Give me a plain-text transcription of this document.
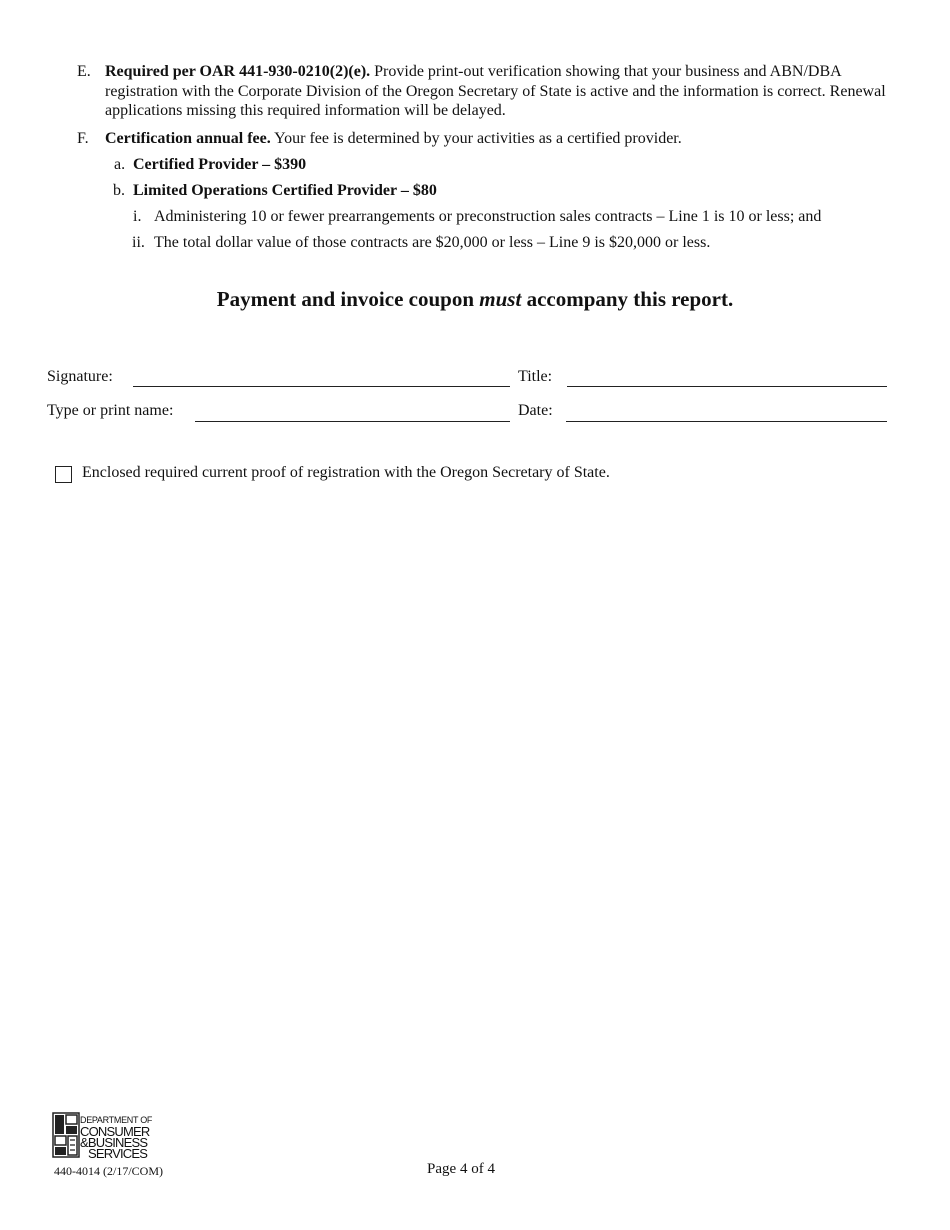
E. Required per OAR 441-930-0210(2)(e). Provide print-out verification showing that your business and ABN/DBA registration with the Corporate Division of the Oregon Secretary of State is active and the information is correct. Renewal applications missing this required information will be delayed.
F. Certification annual fee. Your fee is determined by your activities as a certified provider.
a. Certified Provider – $390
b. Limited Operations Certified Provider – $80
i. Administering 10 or fewer prearrangements or preconstruction sales contracts – Line 1 is 10 or less; and
ii. The total dollar value of those contracts are $20,000 or less – Line 9 is $20,000 or less.
Payment and invoice coupon must accompany this report.
Signature:	Title:
Type or print name:	Date:
Enclosed required current proof of registration with the Oregon Secretary of State.
DEPARTMENT OF
CONSUMER
&BUSINESS
SERVICES
440-4014 (2/17/COM)	Page 4 of 4
